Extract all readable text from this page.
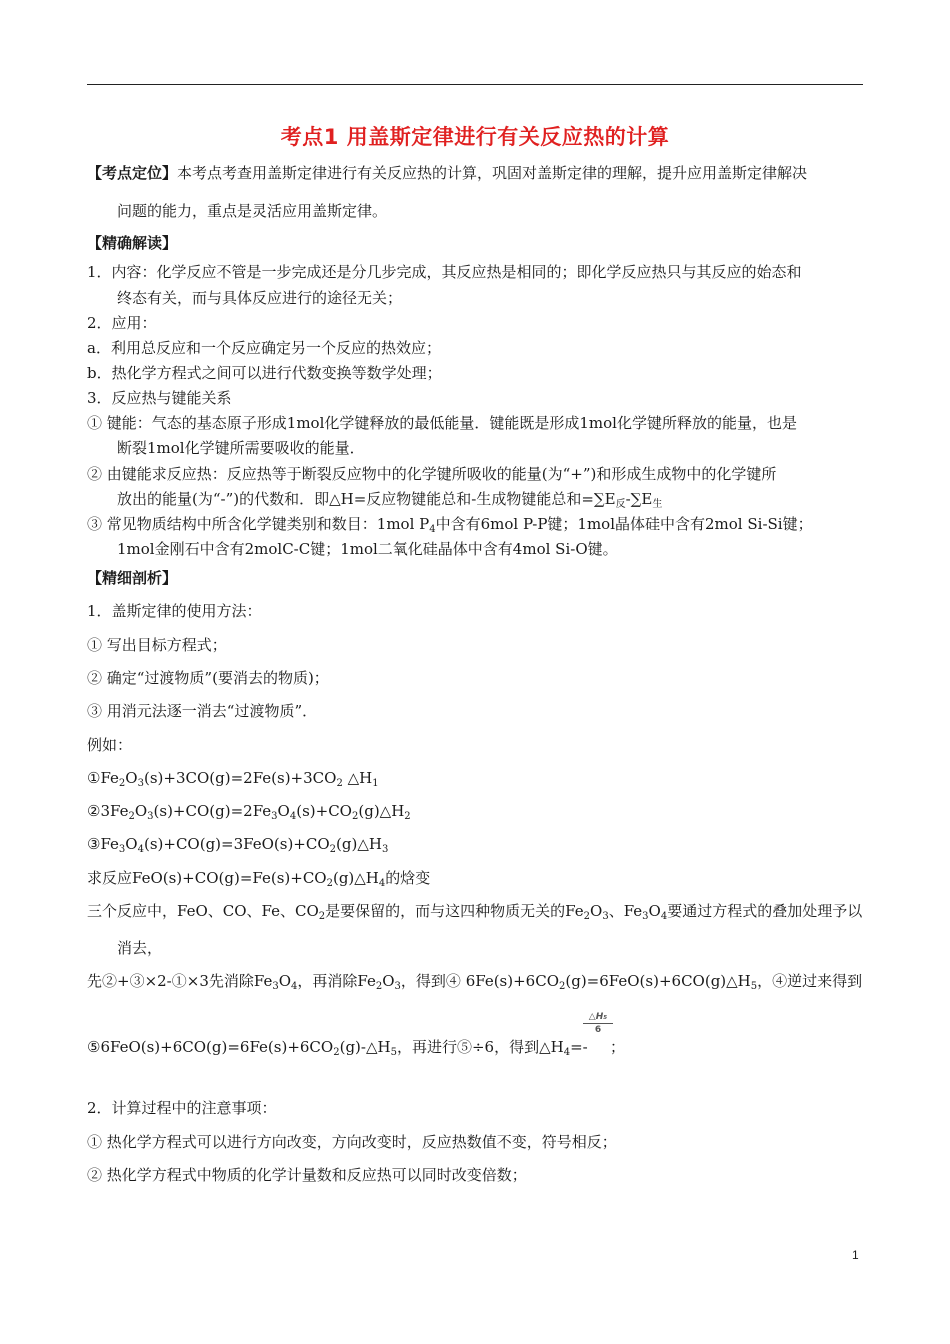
考点1 用盖斯定律进行有关反应热的计算
【考点定位】本考点考查用盖斯定律进行有关反应热的计算，巩固对盖斯定律的理解，提升应用盖斯定律解决
问题的能力，重点是灵活应用盖斯定律。
【精确解读】
1．内容：化学反应不管是一步完成还是分几步完成，其反应热是相同的；即化学反应热只与其反应的始态和
终态有关，而与具体反应进行的途径无关；
2．应用：
a．利用总反应和一个反应确定另一个反应的热效应；
b．热化学方程式之间可以进行代数变换等数学处理；
3．反应热与键能关系
① 键能：气态的基态原子形成1mol化学键释放的最低能量．键能既是形成1mol化学键所释放的能量，也是
断裂1mol化学键所需要吸收的能量．
② 由键能求反应热：反应热等于断裂反应物中的化学键所吸收的能量(为“+”)和形成生成物中的化学键所
放出的能量(为“-”)的代数和．即△H=反应物键能总和-生成物键能总和$=\sum E_反-\sum E_生$
③ 常见物质结构中所含化学键类别和数目：1mol $P_4$中含有6mol P-P键；1mol晶体硅中含有2mol Si-Si键；
1mol金刚石中含有2molC-C键；1mol二氧化硅晶体中含有4mol Si-O键。
【精细剖析】
1．盖斯定律的使用方法：
① 写出目标方程式；
② 确定“过渡物质”(要消去的物质)；
③ 用消元法逐一消去“过渡物质”．
例如：
$①Fe_2O_3(s)+3CO(g)=2Fe(s)+3CO_2$ $\triangle H_1$
$②3Fe_2O_3(s)+CO(g)=2Fe_3O_4(s)+CO_2(g)\triangle H_2$
$③Fe_3O_4(s)+CO(g)=3FeO(s)+CO_2(g)\triangle H_3$
求反应$FeO(s)+CO(g)=Fe(s)+CO_2(g)\triangle H_4$的焓变
三个反应中，FeO、CO、Fe、$CO_2$是要保留的，而与这四种物质无关的$Fe_2O_3$、$Fe_3O_4$要通过方程式的叠加处理予以
消去，
先②+③×2-①×3先消除$Fe_3O_4$，再消除$Fe_2O_3$，得到④ $6Fe(s)+6CO_2(g)=6FeO(s)+6CO(g)\triangle H_5$，④逆过来得到
$⑤6FeO(s)+6CO(g)=6Fe(s)+6CO_2(g)-\triangle H_5$，再进行⑤÷6，得到$\triangle H_4=-$
$\frac{\text{△H₅}}{6}$
；
2．计算过程中的注意事项：
① 热化学方程式可以进行方向改变，方向改变时，反应热数值不变，符号相反；
② 热化学方程式中物质的化学计量数和反应热可以同时改变倍数；
1
